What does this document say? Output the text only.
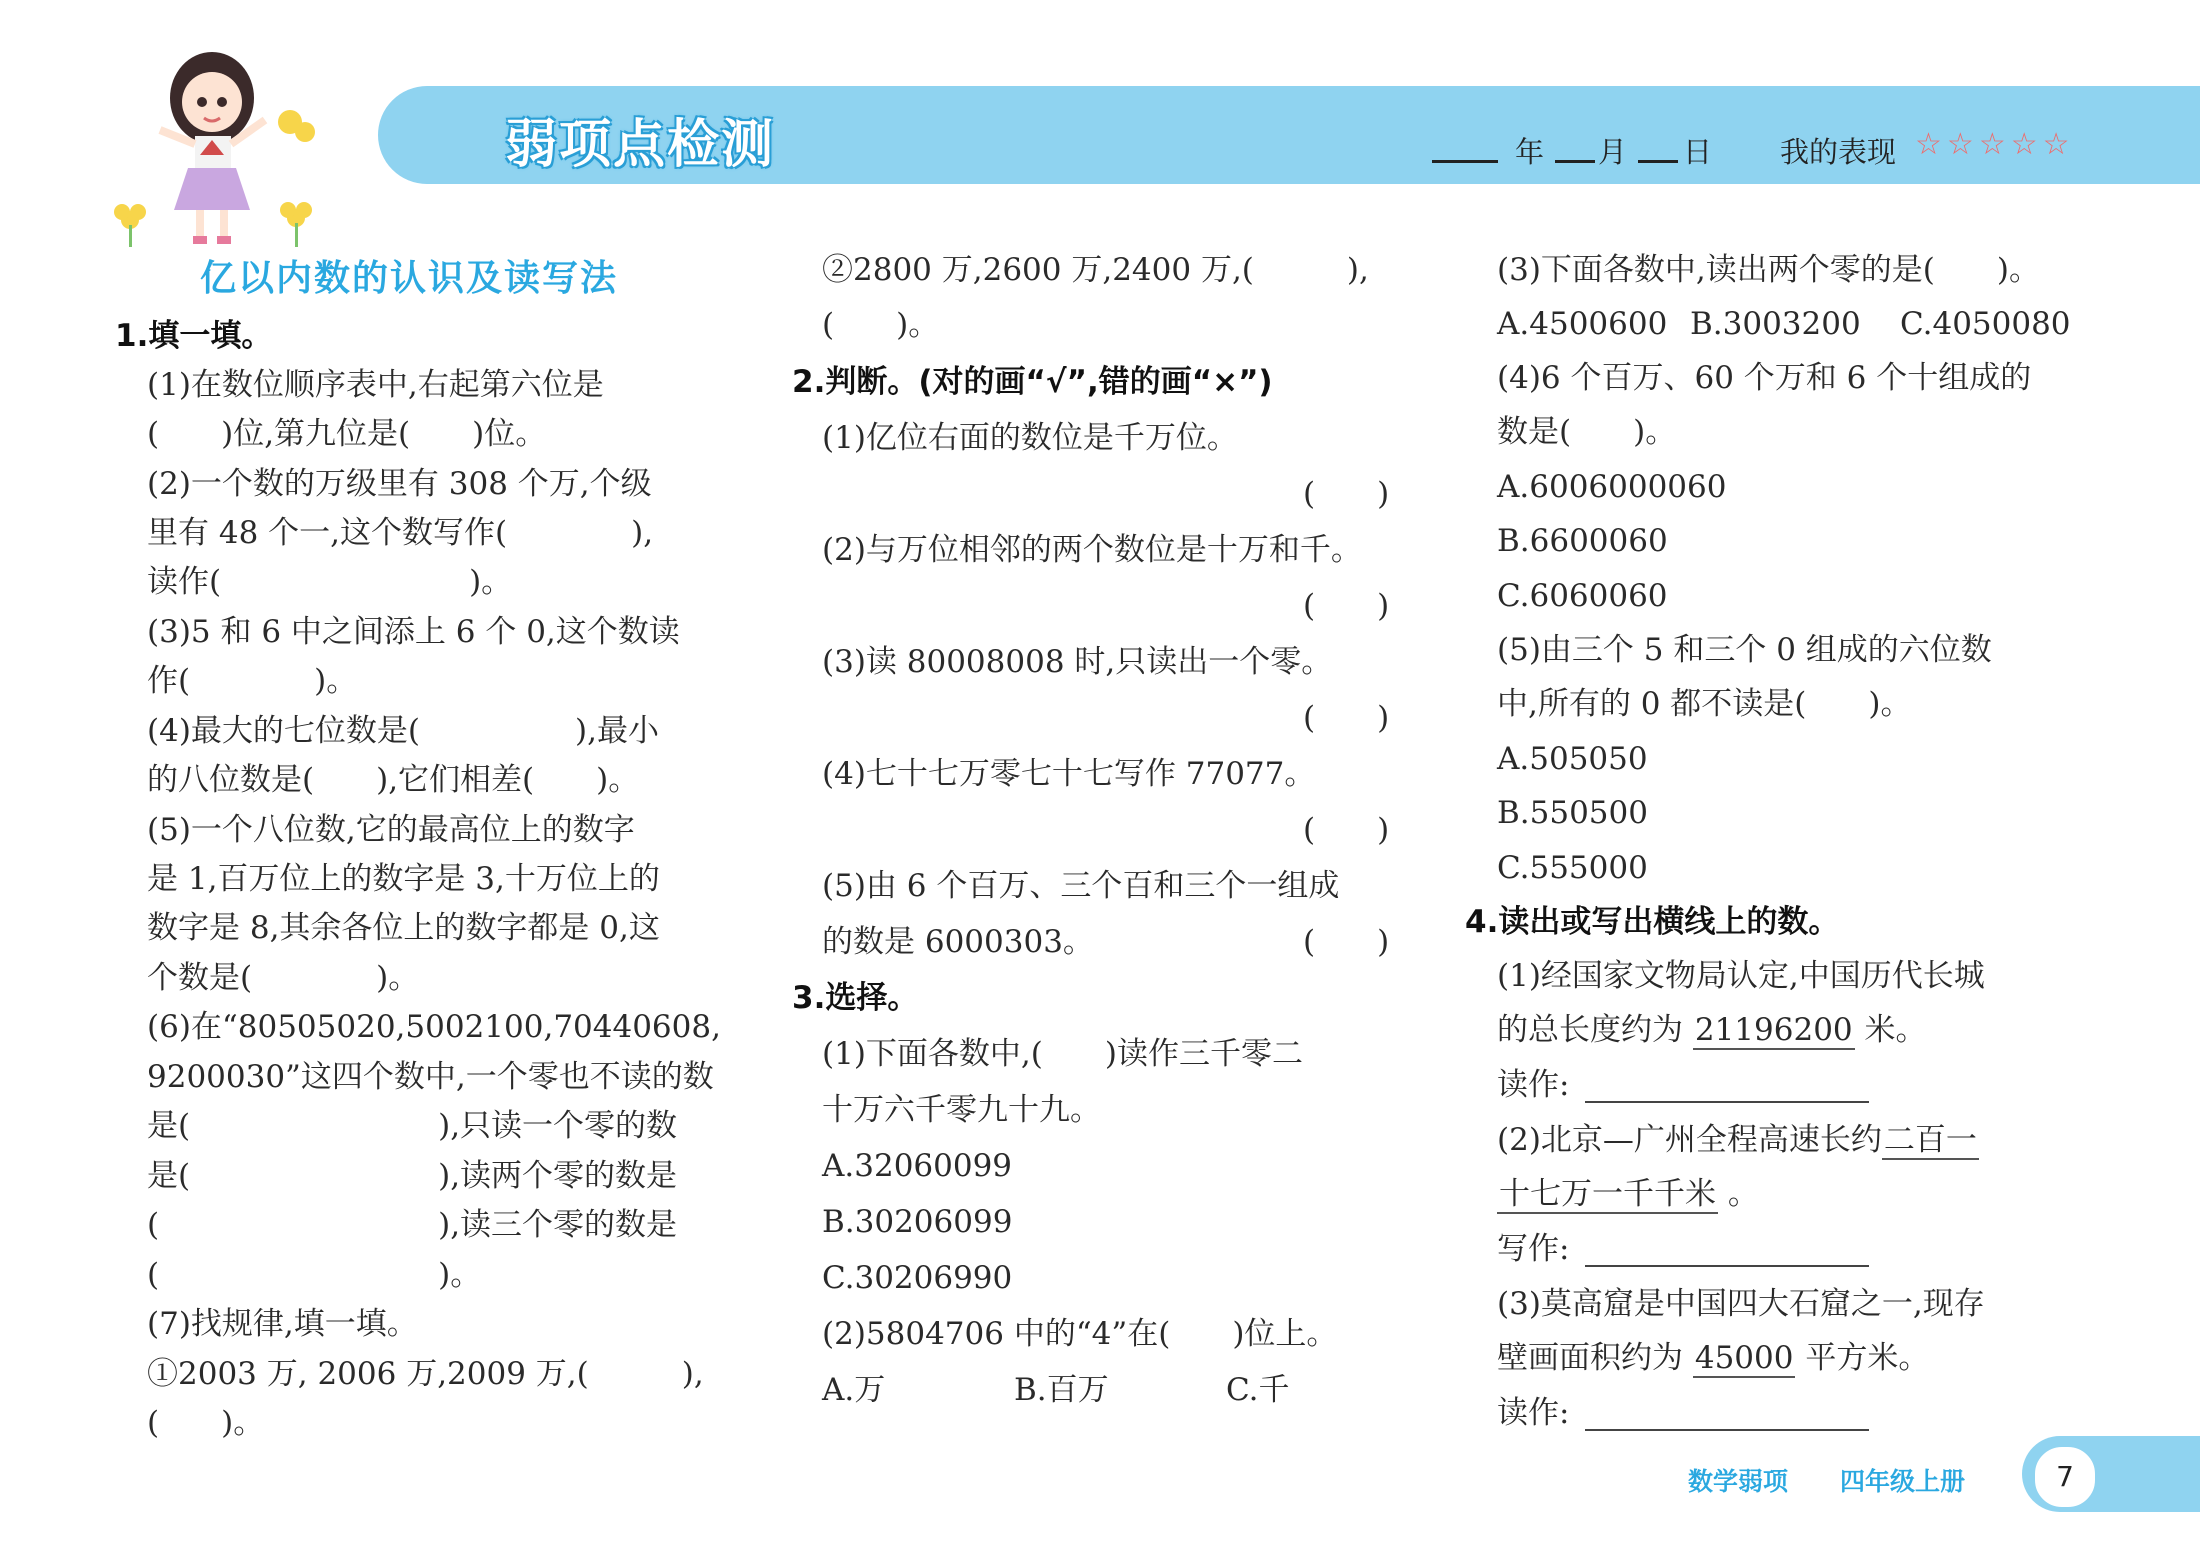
弱项点检测	年 月 日 我的表现 ☆ ☆ ☆ ☆ ☆
亿以内数的认识及读写法
1.填一填。
(1)在数位顺序表中,右起第六位是
(　　)位,第九位是(　　)位。
(2)一个数的万级里有 308 个万,个级
里有 48 个一,这个数写作(　　　　),
读作(　　　　　　　　)。
(3)5 和 6 中之间添上 6 个 0,这个数读
作(　　　　)。
(4)最大的七位数是(　　　　　),最小
的八位数是(　　),它们相差(　　)。
(5)一个八位数,它的最高位上的数字
是 1,百万位上的数字是 3,十万位上的
数字是 8,其余各位上的数字都是 0,这
个数是(　　　　)。
(6)在“80505020,5002100,70440608,
9200030”这四个数中,一个零也不读的数
是(　　　　　　　　),只读一个零的数
是(　　　　　　　　),读两个零的数是
(　　　　　　　　　),读三个零的数是
(　　　　　　　　　)。
(7)找规律,填一填。
①2003 万, 2006 万,2009 万,(　　　),
(　　)。
②2800 万,2600 万,2400 万,(　　　),
(　　)。
2.判断。(对的画“√”,错的画“×”)
(1)亿位右面的数位是千万位。
(　　)
(2)与万位相邻的两个数位是十万和千。
(　　)
(3)读 80008008 时,只读出一个零。
(　　)
(4)七十七万零七十七写作 77077。
(　　)
(5)由 6 个百万、三个百和三个一组成
的数是 6000303。	(　　)
3.选择。
(1)下面各数中,(　　)读作三千零二
十万六千零九十九。
A.32060099
B.30206099
C.30206990
(2)5804706 中的“4”在(　　)位上。
A.万	B.百万	C.千
(3)下面各数中,读出两个零的是(　　)。
A.4500600 B.3003200 C.4050080
(4)6 个百万、60 个万和 6 个十组成的
数是(　　)。
A.6006000060
B.6600060
C.6060060
(5)由三个 5 和三个 0 组成的六位数
中,所有的 0 都不读是(　　)。
A.505050
B.550500
C.555000
4.读出或写出横线上的数。
(1)经国家文物局认定,中国历代长城
的总长度约为 21196200 米。
读作:
(2)北京—广州全程高速长约二百一
十七万一千千米 。
写作:
(3)莫高窟是中国四大石窟之一,现存
壁画面积约为 45000 平方米。
读作:
数学弱项 四年级上册	7
